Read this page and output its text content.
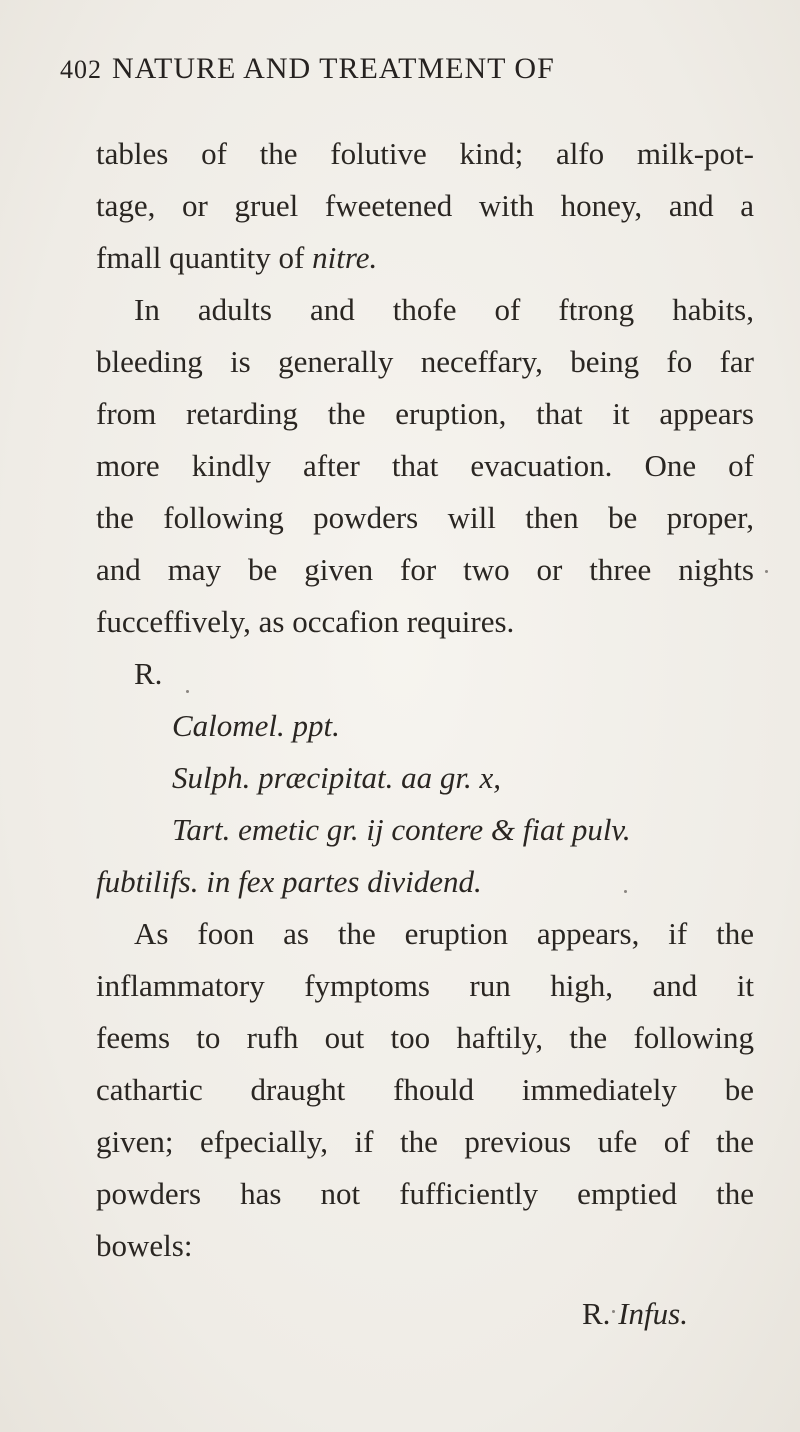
402 NATURE AND TREATMENT OF
tables of the folutive kind; alfo milk-pot-
tage, or gruel fweetened with honey, and a
fmall quantity of nitre.
In adults and thofe of ftrong habits,
bleeding is generally neceffary, being fo far
from retarding the eruption, that it appears
more kindly after that evacuation. One of
the following powders will then be proper,
and may be given for two or three nights
fucceffively, as occafion requires.
R.
Calomel. ppt.
Sulph. præcipitat. aa gr. x,
Tart. emetic gr. ij contere & fiat pulv.
fubtilifs. in fex partes dividend.
As foon as the eruption appears, if the
inflammatory fymptoms run high, and it
feems to rufh out too haftily, the following
cathartic draught fhould immediately be
given; efpecially, if the previous ufe of the
powders has not fufficiently emptied the
bowels:
R. Infus.
